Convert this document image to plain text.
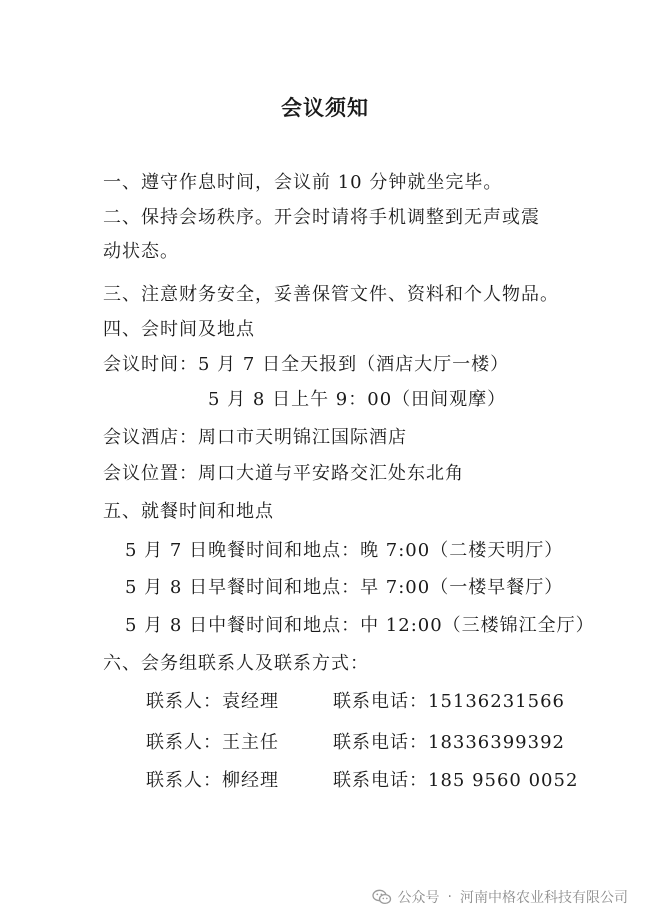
会议须知
一、遵守作息时间，会议前 10 分钟就坐完毕。
二、保持会场秩序。开会时请将手机调整到无声或震
动状态。
三、注意财务安全，妥善保管文件、资料和个人物品。
四、会时间及地点
会议时间：5 月 7 日全天报到（酒店大厅一楼）
5 月 8 日上午 9：00（田间观摩）
会议酒店：周口市天明锦江国际酒店
会议位置：周口大道与平安路交汇处东北角
五、就餐时间和地点
5 月 7 日晚餐时间和地点：晚 7:00（二楼天明厅）
5 月 8 日早餐时间和地点：早 7:00（一楼早餐厅）
5 月 8 日中餐时间和地点：中 12:00（三楼锦江全厅）
六、会务组联系人及联系方式：
联系人：袁经理	联系电话：15136231566
联系人：王主任	联系电话：18336399392
联系人：柳经理	联系电话：185 9560 0052
公众号 · 河南中格农业科技有限公司
